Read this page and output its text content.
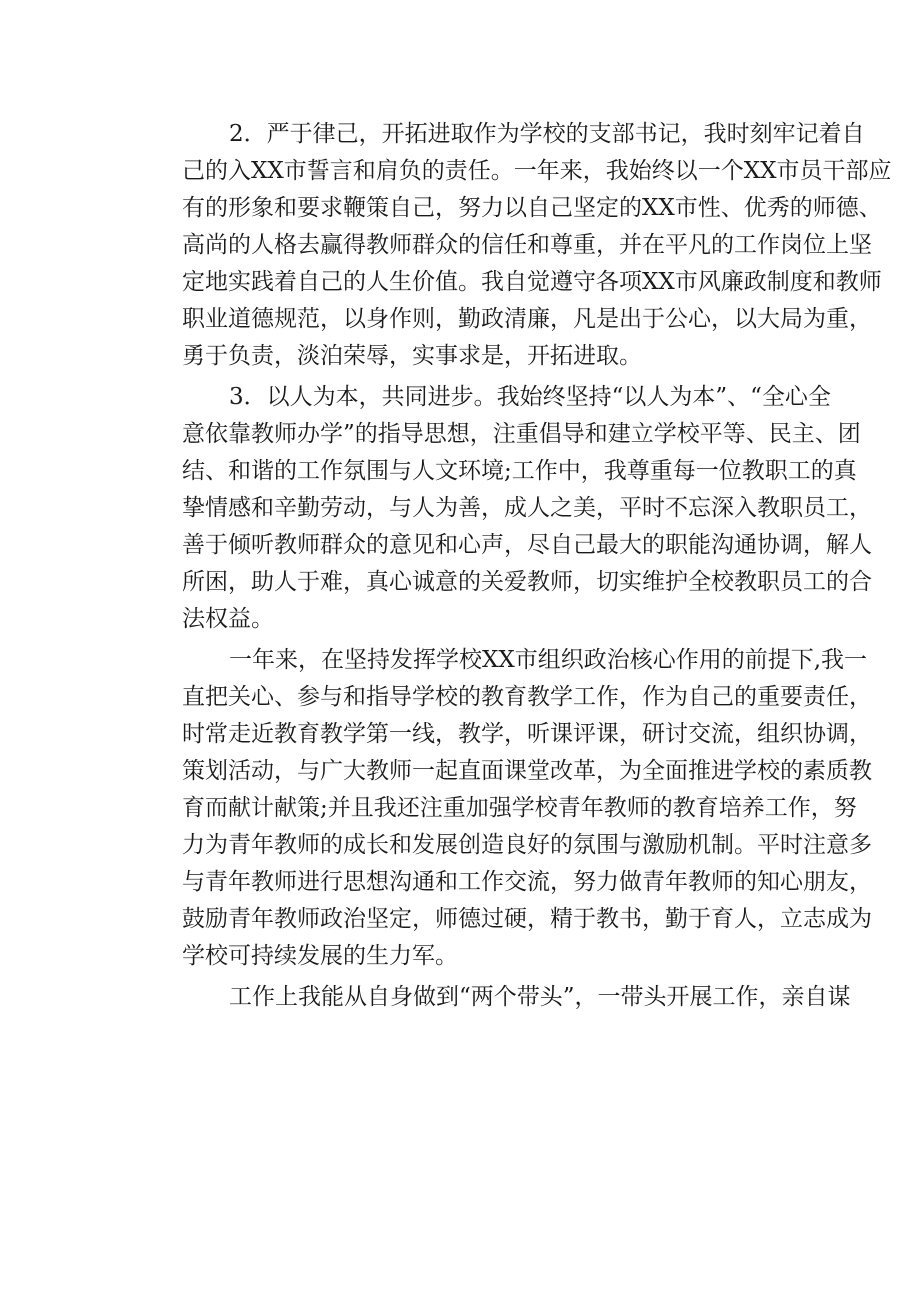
2．严于律己，开拓进取作为学校的支部书记，我时刻牢记着自
己的入XX市誓言和肩负的责任。一年来，我始终以一个XX市员干部应
有的形象和要求鞭策自己，努力以自己坚定的XX市性、优秀的师德、
高尚的人格去赢得教师群众的信任和尊重，并在平凡的工作岗位上坚
定地实践着自己的人生价值。我自觉遵守各项XX市风廉政制度和教师
职业道德规范，以身作则，勤政清廉，凡是出于公心，以大局为重，
勇于负责，淡泊荣辱，实事求是，开拓进取。
3．以人为本，共同进步。我始终坚持“以人为本”、“全心全
意依靠教师办学”的指导思想，注重倡导和建立学校平等、民主、团
结、和谐的工作氛围与人文环境;工作中，我尊重每一位教职工的真
挚情感和辛勤劳动，与人为善，成人之美，平时不忘深入教职员工，
善于倾听教师群众的意见和心声，尽自己最大的职能沟通协调，解人
所困，助人于难，真心诚意的关爱教师，切实维护全校教职员工的合
法权益。
一年来，在坚持发挥学校XX市组织政治核心作用的前提下,我一
直把关心、参与和指导学校的教育教学工作，作为自己的重要责任，
时常走近教育教学第一线，教学，听课评课，研讨交流，组织协调，
策划活动，与广大教师一起直面课堂改革，为全面推进学校的素质教
育而献计献策;并且我还注重加强学校青年教师的教育培养工作，努
力为青年教师的成长和发展创造良好的氛围与激励机制。平时注意多
与青年教师进行思想沟通和工作交流，努力做青年教师的知心朋友，
鼓励青年教师政治坚定，师德过硬，精于教书，勤于育人，立志成为
学校可持续发展的生力军。
工作上我能从自身做到“两个带头”，一带头开展工作，亲自谋
